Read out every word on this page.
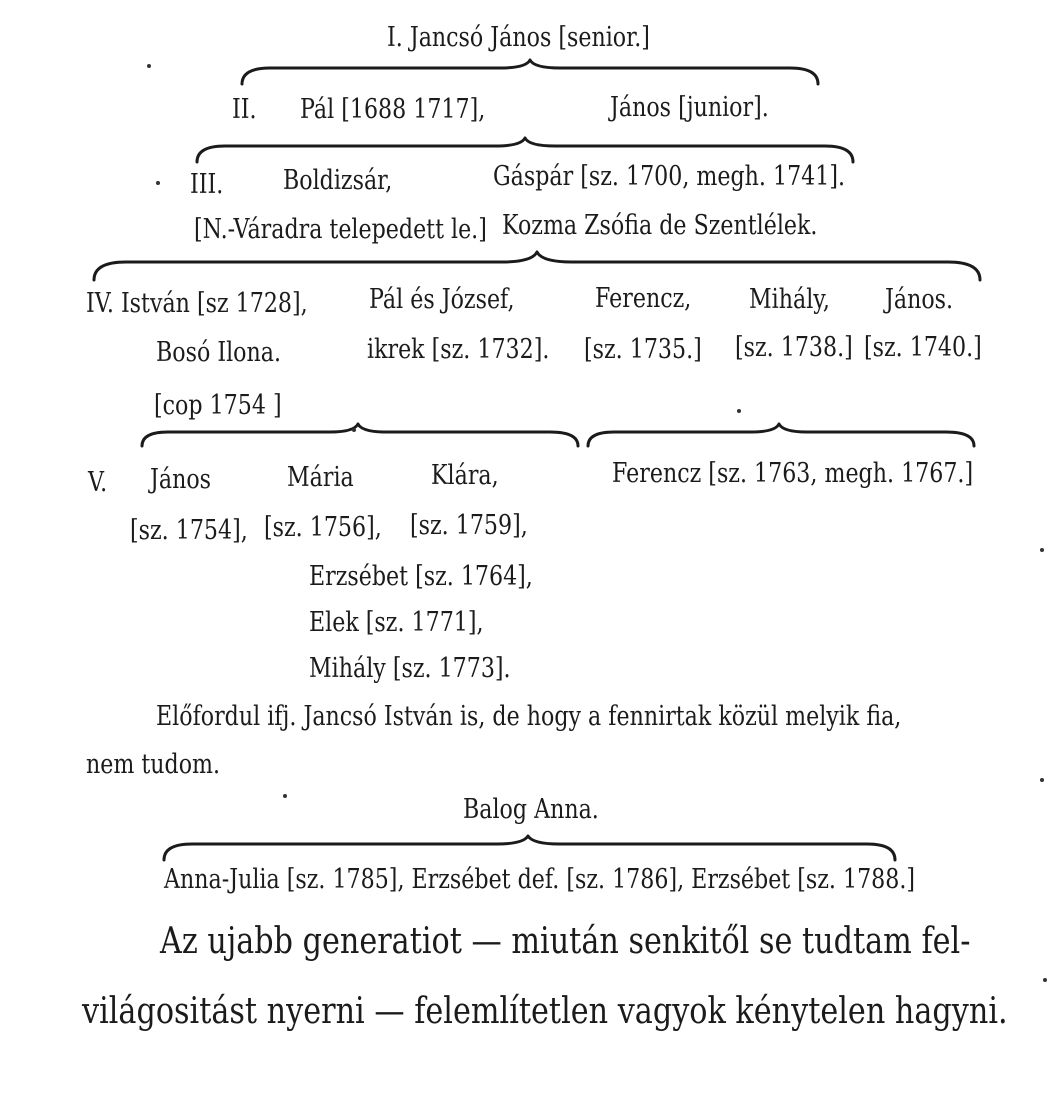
I. Jancsó János [senior.]
II. Pál [1688 1717],	János [junior].
III. Boldizsár,	Gáspár [sz. 1700, megh. 1741].
[N.-Váradra telepedett le.] Kozma Zsófia de Szentlélek.
IV. István [sz 1728], Pál és József,	Ferencz, Mihály, János.
Bosó Ilona.	ikrek [sz. 1732]. [sz. 1735.] [sz. 1738.] [sz. 1740.]
[cop 1754 ]
V. János	Mária	Klára,	Ferencz [sz. 1763, megh. 1767.]
[sz. 1754], [sz. 1756], [sz. 1759],
Erzsébet [sz. 1764],
Elek [sz. 1771],
Mihály [sz. 1773].
Előfordul ifj. Jancsó István is, de hogy a fennirtak közül melyik fia,
nem tudom.
Balog Anna.
Anna-Julia [sz. 1785], Erzsébet def. [sz. 1786], Erzsébet [sz. 1788.]
Az ujabb generatiot — miután senkitől se tudtam fel-
világositást nyerni — felemlítetlen vagyok kénytelen hagyni.
